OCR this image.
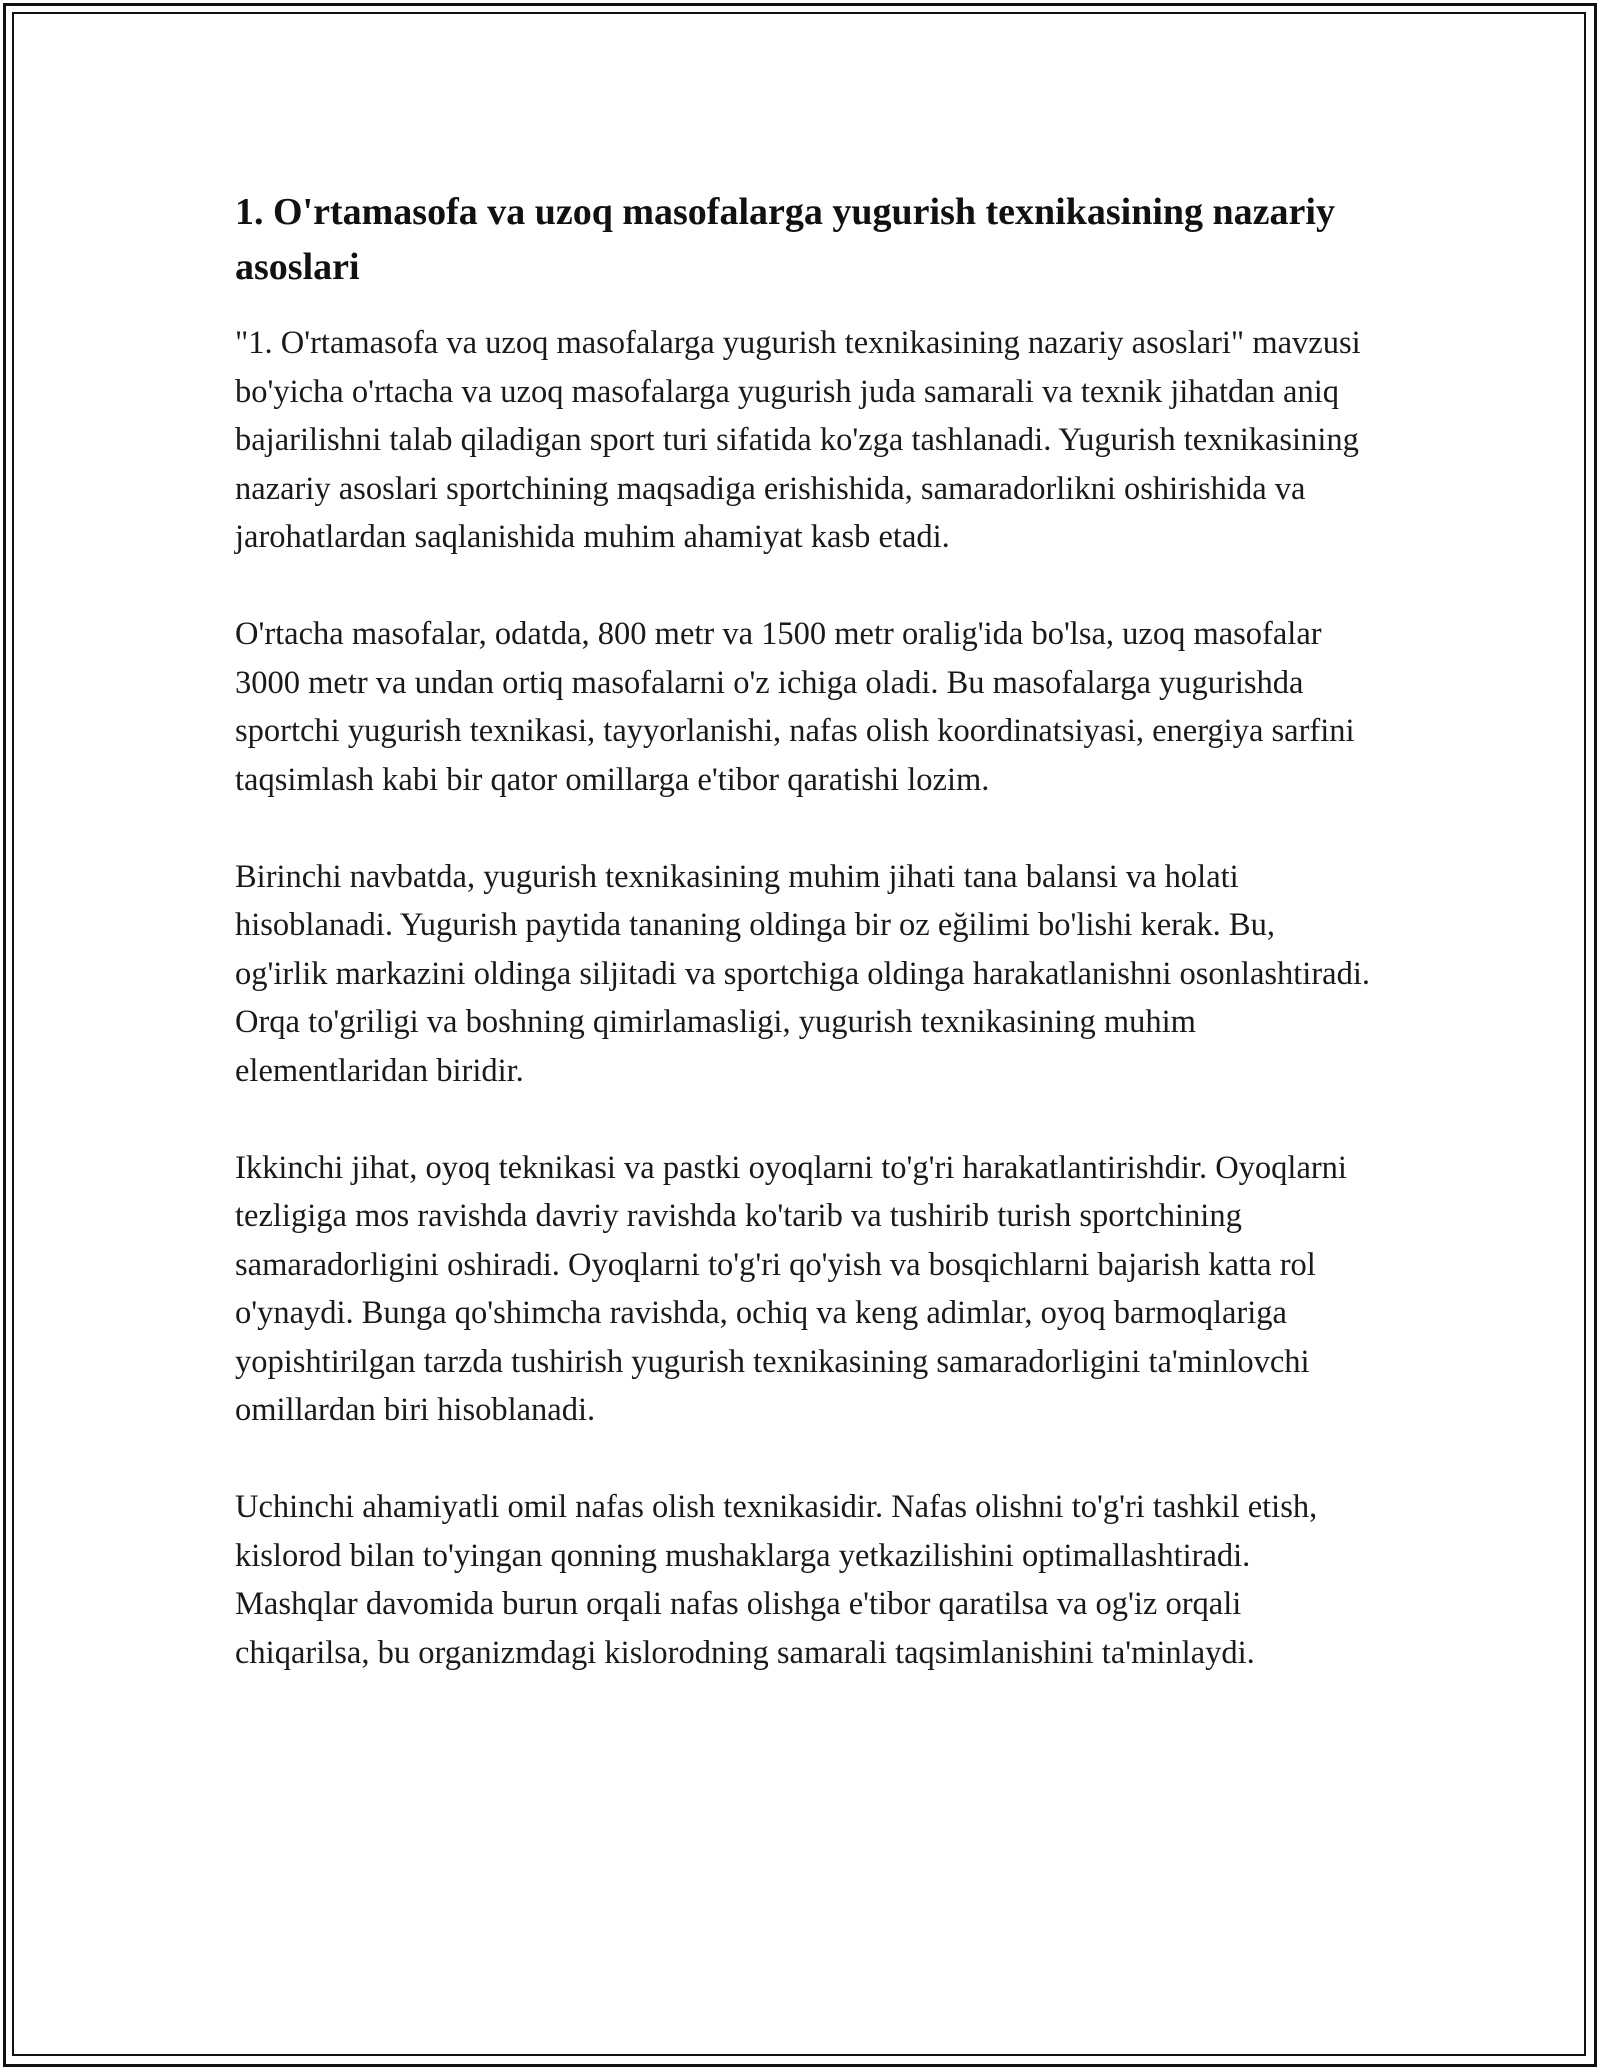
1. O'rtamasofa va uzoq masofalarga yugurish texnikasining nazariy asoslari

"1. O'rtamasofa va uzoq masofalarga yugurish texnikasining nazariy asoslari" mavzusi bo'yicha o'rtacha va uzoq masofalarga yugurish juda samarali va texnik jihatdan aniq bajarilishni talab qiladigan sport turi sifatida ko'zga tashlanadi. Yugurish texnikasining nazariy asoslari sportchining maqsadiga erishishida, samaradorlikni oshirishida va jarohatlardan saqlanishida muhim ahamiyat kasb etadi.

O'rtacha masofalar, odatda, 800 metr va 1500 metr oralig'ida bo'lsa, uzoq masofalar 3000 metr va undan ortiq masofalarni o'z ichiga oladi. Bu masofalarga yugurishda sportchi yugurish texnikasi, tayyorlanishi, nafas olish koordinatsiyasi, energiya sarfini taqsimlash kabi bir qator omillarga e'tibor qaratishi lozim.

Birinchi navbatda, yugurish texnikasining muhim jihati tana balansi va holati hisoblanadi. Yugurish paytida tananing oldinga bir oz eğilimi bo'lishi kerak. Bu, og'irlik markazini oldinga siljitadi va sportchiga oldinga harakatlanishni osonlashtiradi. Orqa to'griligi va boshning qimirlamasligi, yugurish texnikasining muhim elementlaridan biridir.

Ikkinchi jihat, oyoq teknikasi va pastki oyoqlarni to'g'ri harakatlantirishdir. Oyoqlarni tezligiga mos ravishda davriy ravishda ko'tarib va tushirib turish sportchining samaradorligini oshiradi. Oyoqlarni to'g'ri qo'yish va bosqichlarni bajarish katta rol o'ynaydi. Bunga qo'shimcha ravishda, ochiq va keng adimlar, oyoq barmoqlariga yopishtirilgan tarzda tushirish yugurish texnikasining samaradorligini ta'minlovchi omillardan biri hisoblanadi.

Uchinchi ahamiyatli omil nafas olish texnikasidir. Nafas olishni to'g'ri tashkil etish, kislorod bilan to'yingan qonning mushaklarga yetkazilishini optimallashtiradi. Mashqlar davomida burun orqali nafas olishga e'tibor qaratilsa va og'iz orqali chiqarilsa, bu organizmdagi kislorodning samarali taqsimlanishini ta'minlaydi.
